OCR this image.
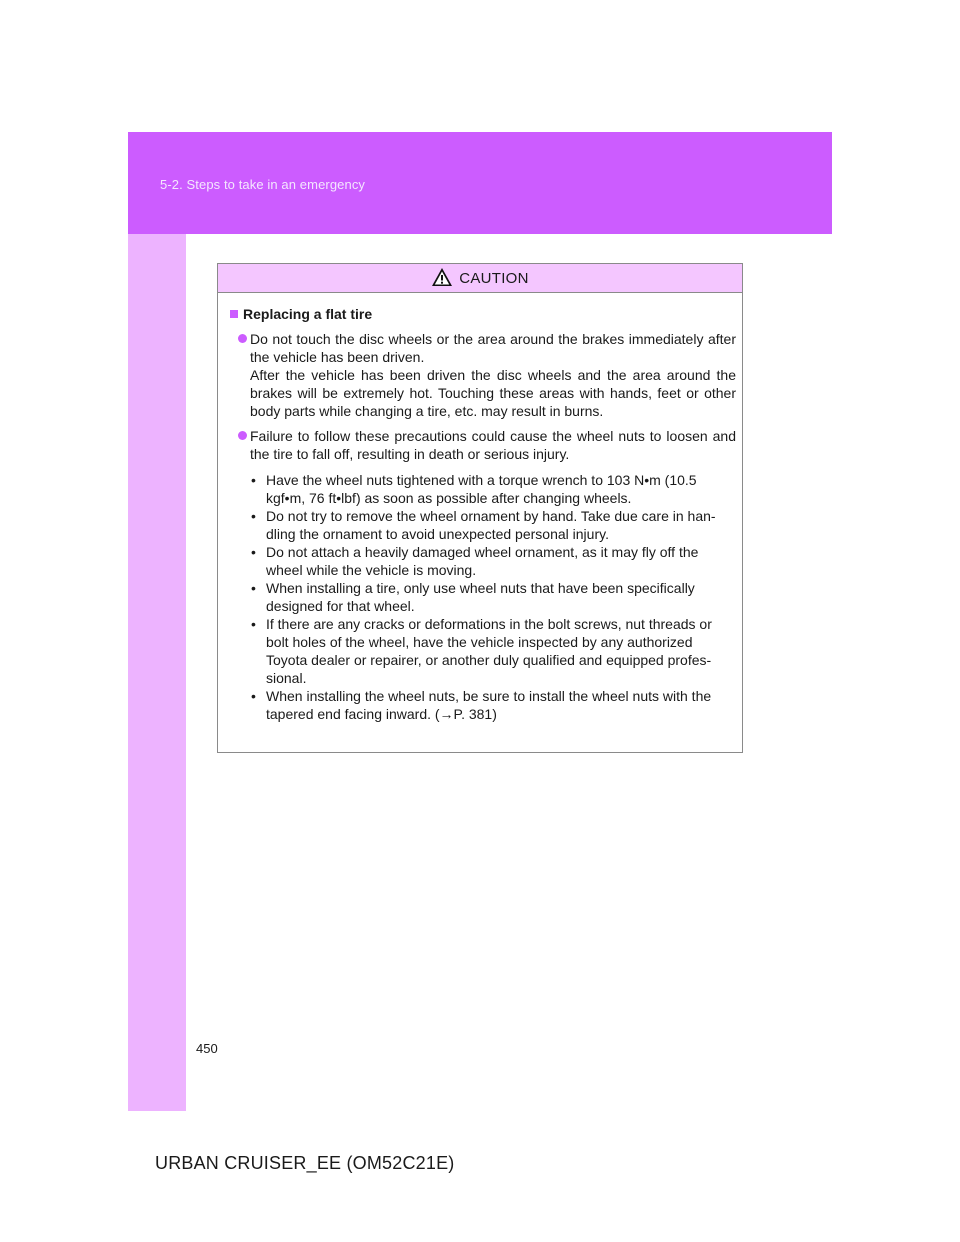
5-2. Steps to take in an emergency
CAUTION
Replacing a flat tire

Do not touch the disc wheels or the area around the brakes immediately after the vehicle has been driven.

After the vehicle has been driven the disc wheels and the area around the brakes will be extremely hot. Touching these areas with hands, feet or other body parts while changing a tire, etc. may result in burns.

Failure to follow these precautions could cause the wheel nuts to loosen and the tire to fall off, resulting in death or serious injury.

• Have the wheel nuts tightened with a torque wrench to 103 N•m (10.5 kgf•m, 76 ft•lbf) as soon as possible after changing wheels.
• Do not try to remove the wheel ornament by hand. Take due care in han-dling the ornament to avoid unexpected personal injury.
• Do not attach a heavily damaged wheel ornament, as it may fly off the wheel while the vehicle is moving.
• When installing a tire, only use wheel nuts that have been specifically designed for that wheel.
• If there are any cracks or deformations in the bolt screws, nut threads or bolt holes of the wheel, have the vehicle inspected by any authorized Toyota dealer or repairer, or another duly qualified and equipped profes-sional.
• When installing the wheel nuts, be sure to install the wheel nuts with the tapered end facing inward. (→P. 381)
450
URBAN CRUISER_EE (OM52C21E)
